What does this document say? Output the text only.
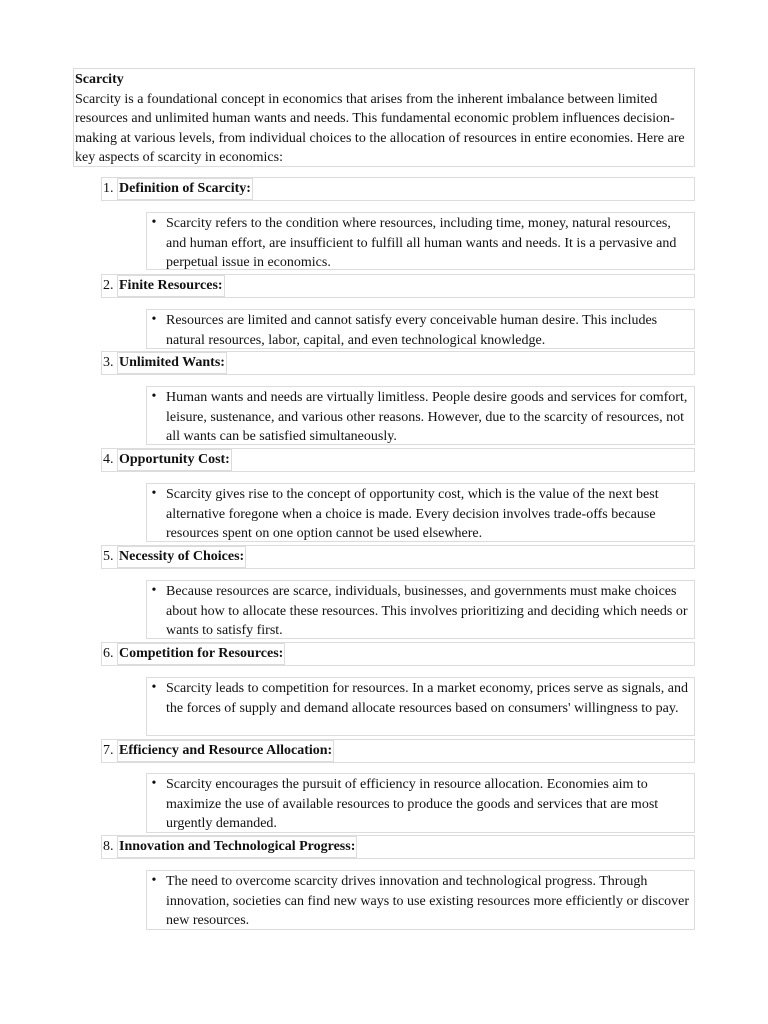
Scarcity
Scarcity is a foundational concept in economics that arises from the inherent imbalance between limited resources and unlimited human wants and needs. This fundamental economic problem influences decision-making at various levels, from individual choices to the allocation of resources in entire economies. Here are key aspects of scarcity in economics:
1. Definition of Scarcity:
• Scarcity refers to the condition where resources, including time, money, natural resources, and human effort, are insufficient to fulfill all human wants and needs. It is a pervasive and perpetual issue in economics.
2. Finite Resources:
• Resources are limited and cannot satisfy every conceivable human desire. This includes natural resources, labor, capital, and even technological knowledge.
3. Unlimited Wants:
• Human wants and needs are virtually limitless. People desire goods and services for comfort, leisure, sustenance, and various other reasons. However, due to the scarcity of resources, not all wants can be satisfied simultaneously.
4. Opportunity Cost:
• Scarcity gives rise to the concept of opportunity cost, which is the value of the next best alternative foregone when a choice is made. Every decision involves trade-offs because resources spent on one option cannot be used elsewhere.
5. Necessity of Choices:
• Because resources are scarce, individuals, businesses, and governments must make choices about how to allocate these resources. This involves prioritizing and deciding which needs or wants to satisfy first.
6. Competition for Resources:
• Scarcity leads to competition for resources. In a market economy, prices serve as signals, and the forces of supply and demand allocate resources based on consumers' willingness to pay.
7. Efficiency and Resource Allocation:
• Scarcity encourages the pursuit of efficiency in resource allocation. Economies aim to maximize the use of available resources to produce the goods and services that are most urgently demanded.
8. Innovation and Technological Progress:
• The need to overcome scarcity drives innovation and technological progress. Through innovation, societies can find new ways to use existing resources more efficiently or discover new resources.
